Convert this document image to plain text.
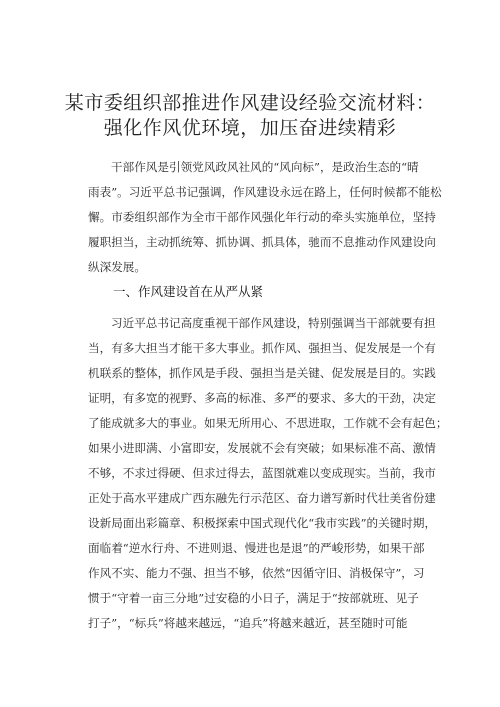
某市委组织部推进作风建设经验交流材料：
强化作风优环境，加压奋进续精彩
干部作风是引领党风政风社风的“风向标”，是政治生态的“晴
雨表”。习近平总书记强调，作风建设永远在路上，任何时候都不能松
懈。市委组织部作为全市干部作风强化年行动的牵头实施单位，坚持
履职担当，主动抓统筹、抓协调、抓具体，驰而不息推动作风建设向
纵深发展。
一、作风建设首在从严从紧
习近平总书记高度重视干部作风建设，特别强调当干部就要有担
当，有多大担当才能干多大事业。抓作风、强担当、促发展是一个有
机联系的整体，抓作风是手段、强担当是关键、促发展是目的。实践
证明，有多宽的视野、多高的标准、多严的要求、多大的干劲，决定
了能成就多大的事业。如果无所用心、不思进取，工作就不会有起色；
如果小进即满、小富即安，发展就不会有突破；如果标准不高、激情
不够，不求过得硬、但求过得去，蓝图就难以变成现实。当前，我市
正处于高水平建成广西东融先行示范区、奋力谱写新时代壮美省份建
设新局面出彩篇章、积极探索中国式现代化“我市实践”的关键时期，
面临着“逆水行舟、不进则退、慢进也是退”的严峻形势，如果干部
作风不实、能力不强、担当不够，依然“因循守旧、消极保守”，习
惯于“守着一亩三分地”过安稳的小日子，满足于“按部就班、见子
打子”，“标兵”将越来越远，“追兵”将越来越近，甚至随时可能
